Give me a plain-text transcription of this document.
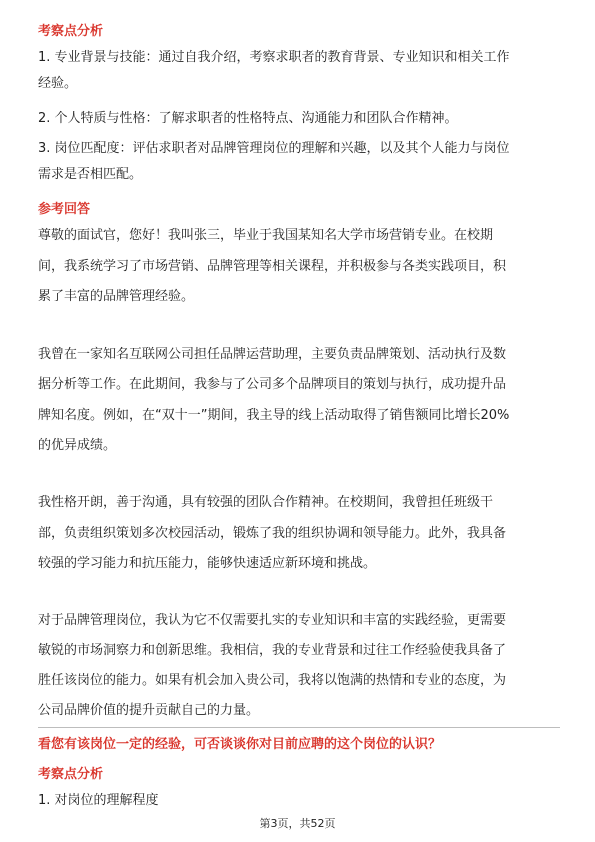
考察点分析
1. 专业背景与技能：通过自我介绍，考察求职者的教育背景、专业知识和相关工作
经验。
2. 个人特质与性格：了解求职者的性格特点、沟通能力和团队合作精神。
3. 岗位匹配度：评估求职者对品牌管理岗位的理解和兴趣，以及其个人能力与岗位
需求是否相匹配。
参考回答
尊敬的面试官，您好！我叫张三，毕业于我国某知名大学市场营销专业。在校期
间，我系统学习了市场营销、品牌管理等相关课程，并积极参与各类实践项目，积
累了丰富的品牌管理经验。
我曾在一家知名互联网公司担任品牌运营助理，主要负责品牌策划、活动执行及数
据分析等工作。在此期间，我参与了公司多个品牌项目的策划与执行，成功提升品
牌知名度。例如，在“双十一”期间，我主导的线上活动取得了销售额同比增长20%
的优异成绩。
我性格开朗，善于沟通，具有较强的团队合作精神。在校期间，我曾担任班级干
部，负责组织策划多次校园活动，锻炼了我的组织协调和领导能力。此外，我具备
较强的学习能力和抗压能力，能够快速适应新环境和挑战。
对于品牌管理岗位，我认为它不仅需要扎实的专业知识和丰富的实践经验，更需要
敏锐的市场洞察力和创新思维。我相信，我的专业背景和过往工作经验使我具备了
胜任该岗位的能力。如果有机会加入贵公司，我将以饱满的热情和专业的态度，为
公司品牌价值的提升贡献自己的力量。
看您有该岗位一定的经验，可否谈谈你对目前应聘的这个岗位的认识？
考察点分析
1. 对岗位的理解程度
第3页，共52页
